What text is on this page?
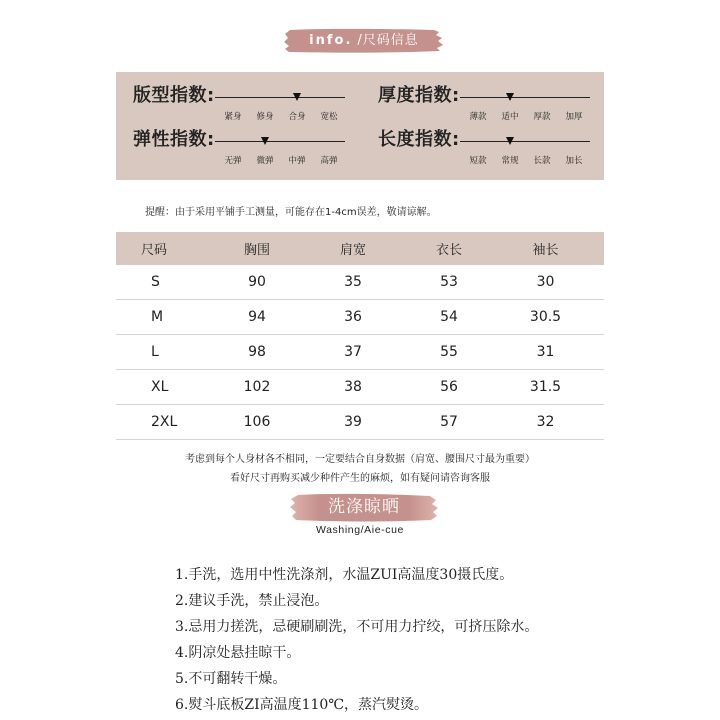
info. /尺码信息
版型指数:
紧身	修身	合身	宽松
厚度指数:
薄款	适中	厚款	加厚
弹性指数:
无弹	微弹	中弹	高弹
长度指数:
短款	常规	长款	加长
提醒：由于采用平铺手工测量，可能存在1-4cm误差，敬请谅解。
尺码	胸围	肩宽	衣长	袖长
S	90	35	53	30
M	94	36	54	30.5
L	98	37	55	31
XL	102	38	56	31.5
2XL	106	39	57	32
考虑到每个人身材各不相同，一定要结合自身数据（肩宽、腰围尺寸最为重要）
看好尺寸再购买减少种件产生的麻烦，如有疑问请咨询客服
洗涤晾晒
Washing/Aie-cue
1.手洗，选用中性洗涤剂，水温ZUI高温度30摄氏度。
2.建议手洗，禁止浸泡。
3.忌用力搓洗，忌硬刷刷洗，不可用力拧绞，可挤压除水。
4.阴凉处悬挂晾干。
5.不可翻转干燥。
6.熨斗底板ZI高温度110℃，蒸汽熨烫。
